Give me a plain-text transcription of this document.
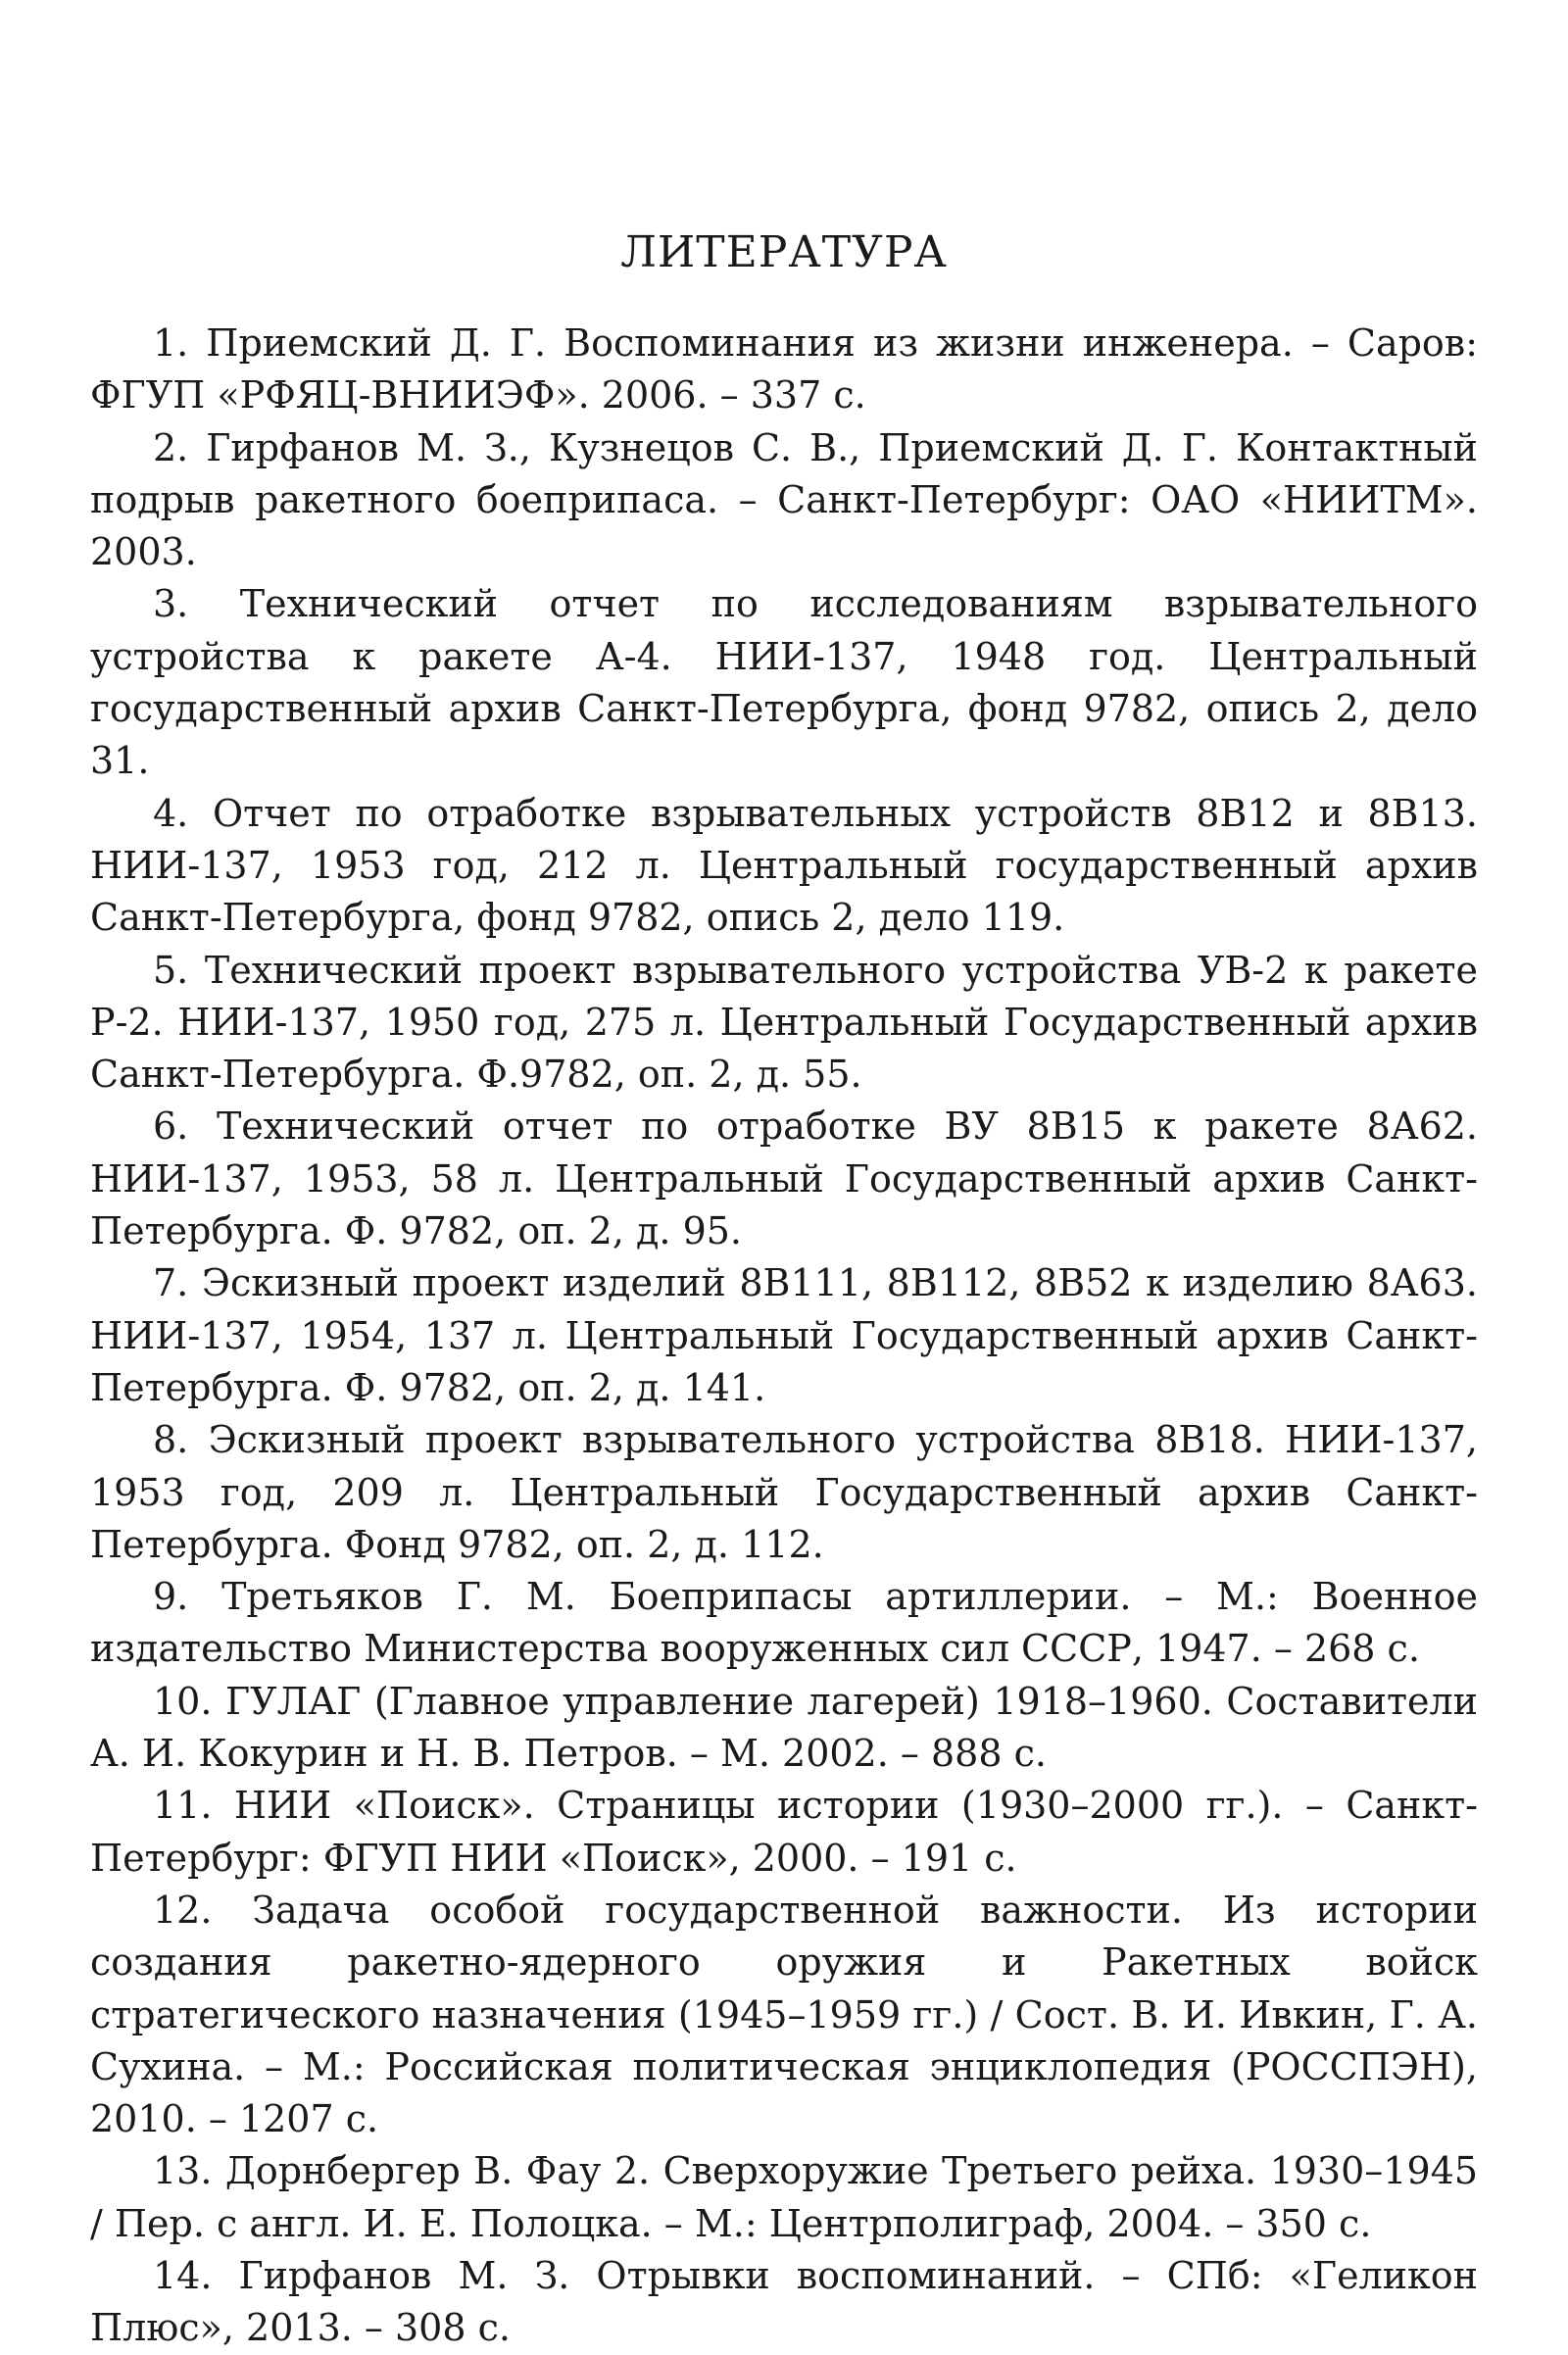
ЛИТЕРАТУРА
1. Приемский Д. Г. Воспоминания из жизни инженера. – Саров: ФГУП «РФЯЦ-ВНИИЭФ». 2006. – 337 с.
2. Гирфанов М. З., Кузнецов С. В., Приемский Д. Г. Контактный подрыв ракетного боеприпаса. – Санкт-Петербург: ОАО «НИИТМ». 2003.
3. Технический отчет по исследованиям взрывательного устройства к ракете А-4. НИИ-137, 1948 год. Центральный государственный архив Санкт-Петербурга, фонд 9782, опись 2, дело 31.
4. Отчет по отработке взрывательных устройств 8В12 и 8В13. НИИ-137, 1953 год, 212 л. Центральный государственный архив Санкт-Петербурга, фонд 9782, опись 2, дело 119.
5. Технический проект взрывательного устройства УВ-2 к ракете Р-2. НИИ-137, 1950 год, 275 л. Центральный Государственный архив Санкт-Петербурга. Ф.9782, оп. 2, д. 55.
6. Технический отчет по отработке ВУ 8В15 к ракете 8А62. НИИ-137, 1953, 58 л. Центральный Государственный архив Санкт-Петербурга. Ф. 9782, оп. 2, д. 95.
7. Эскизный проект изделий 8В111, 8В112, 8В52 к изделию 8А63. НИИ-137, 1954, 137 л. Центральный Государственный архив Санкт-Петербурга. Ф. 9782, оп. 2, д. 141.
8. Эскизный проект взрывательного устройства 8В18. НИИ-137, 1953 год, 209 л. Центральный Государственный архив Санкт-Петербурга. Фонд 9782, оп. 2, д. 112.
9. Третьяков Г. М. Боеприпасы артиллерии. – М.: Военное издательство Министерства вооруженных сил СССР, 1947. – 268 с.
10. ГУЛАГ (Главное управление лагерей) 1918–1960. Составители А. И. Кокурин и Н. В. Петров. – М. 2002. – 888 с.
11. НИИ «Поиск». Страницы истории (1930–2000 гг.). – Санкт-Петербург: ФГУП НИИ «Поиск», 2000. – 191 с.
12. Задача особой государственной важности. Из истории создания ракетно-ядерного оружия и Ракетных войск стратегического назначения (1945–1959 гг.) / Сост. В. И. Ивкин, Г. А. Сухина. – М.: Российская политическая энциклопедия (РОССПЭН), 2010. – 1207 с.
13. Дорнбергер В. Фау 2. Сверхоружие Третьего рейха. 1930–1945 / Пер. с англ. И. Е. Полоцка. – М.: Центрполиграф, 2004. – 350 с.
14. Гирфанов М. З. Отрывки воспоминаний. – СПб: «Геликон Плюс», 2013. – 308 с.
